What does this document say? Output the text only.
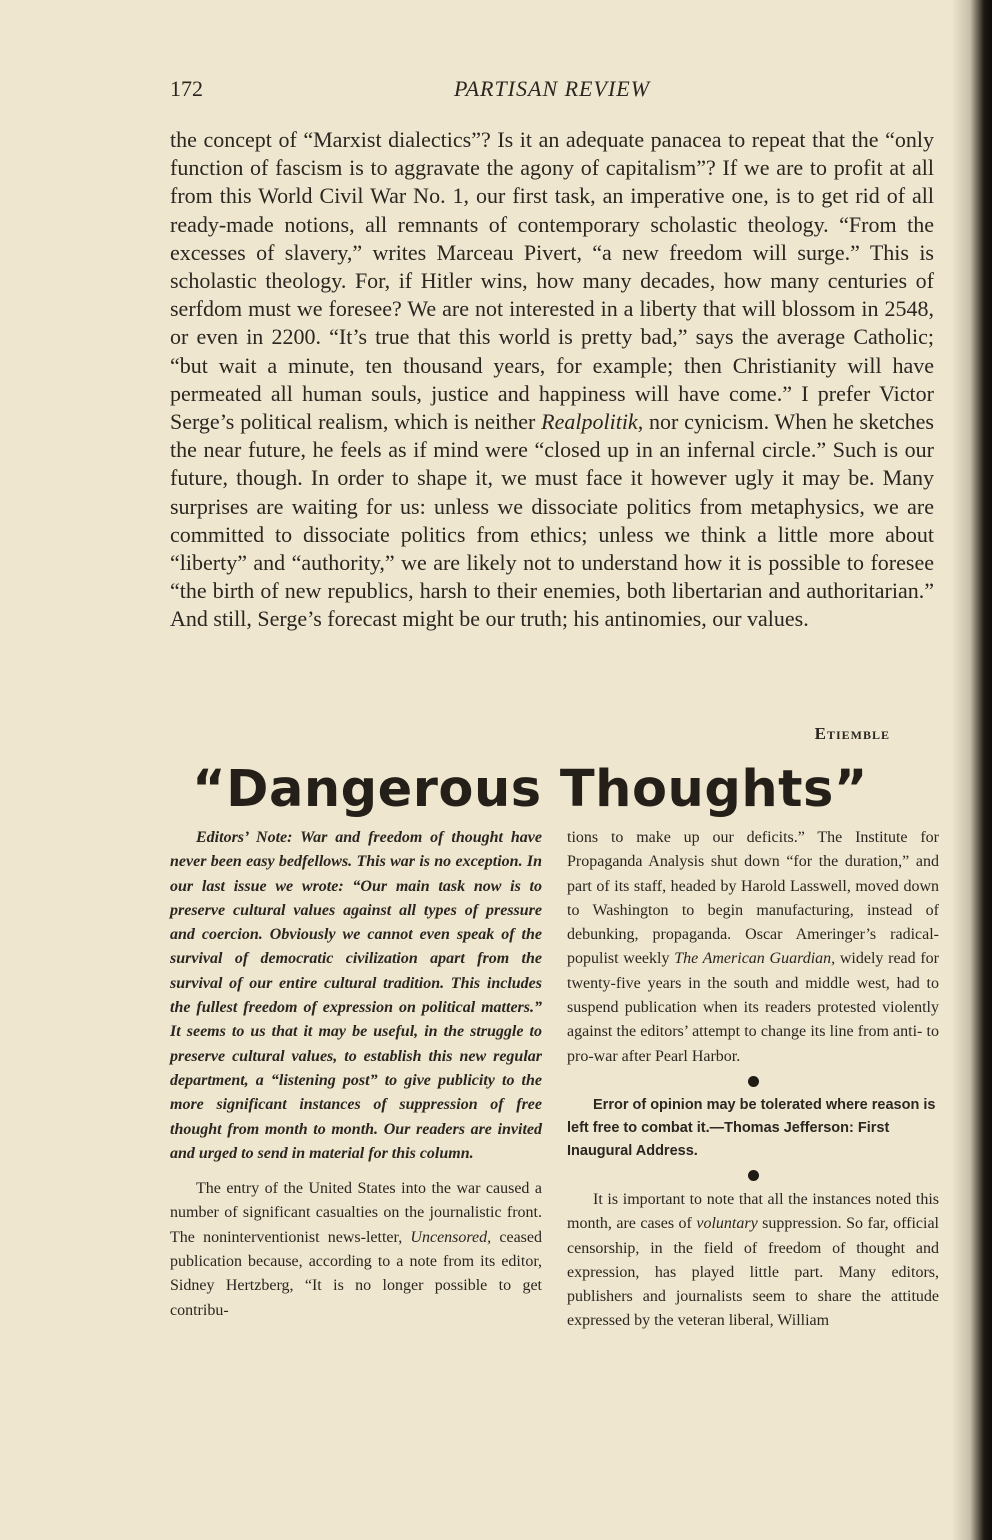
172	PARTISAN REVIEW

the concept of “Marxist dialectics”? Is it an adequate panacea to repeat that the “only function of fascism is to aggravate the agony of capitalism”? If we are to profit at all from this World Civil War No. 1, our first task, an imperative one, is to get rid of all ready-made notions, all remnants of contemporary scholastic theology. “From the excesses of slavery,” writes Marceau Pivert, “a new freedom will surge.” This is scholastic theology. For, if Hitler wins, how many decades, how many centuries of serfdom must we foresee? We are not interested in a liberty that will blossom in 2548, or even in 2200. “It’s true that this world is pretty bad,” says the average Catholic; “but wait a minute, ten thousand years, for example; then Christianity will have permeated all human souls, justice and happiness will have come.” I prefer Victor Serge’s political realism, which is neither Realpolitik, nor cynicism. When he sketches the near future, he feels as if mind were “closed up in an infernal circle.” Such is our future, though. In order to shape it, we must face it however ugly it may be. Many surprises are waiting for us: unless we dissociate politics from metaphysics, we are committed to dissociate politics from ethics; unless we think a little more about “liberty” and “authority,” we are likely not to understand how it is possible to foresee “the birth of new republics, harsh to their enemies, both libertarian and authoritarian.” And still, Serge’s forecast might be our truth; his antinomies, our values.

Etiemble
“Dangerous Thoughts”

Editors’ Note: War and freedom of thought have never been easy bedfellows. This war is no exception. In our last issue we wrote: “Our main task now is to preserve cultural values against all types of pressure and coercion. Obviously we cannot even speak of the survival of democratic civilization apart from the survival of our entire cultural tradition. This includes the fullest freedom of expression on political matters.” It seems to us that it may be useful, in the struggle to preserve cultural values, to establish this new regular department, a “listening post” to give publicity to the more significant instances of suppression of free thought from month to month. Our readers are invited and urged to send in material for this column.

The entry of the United States into the war caused a number of significant casualties on the journalistic front. The noninterventionist news-letter, Uncensored, ceased publication because, according to a note from its editor, Sidney Hertzberg, “It is no longer possible to get contribu-

tions to make up our deficits.” The Institute for Propaganda Analysis shut down “for the duration,” and part of its staff, headed by Harold Lasswell, moved down to Washington to begin manufacturing, instead of debunking, propaganda. Oscar Ameringer’s radical-populist weekly The American Guardian, widely read for twenty-five years in the south and middle west, had to suspend publication when its readers protested violently against the editors’ attempt to change its line from anti- to pro-war after Pearl Harbor.

Error of opinion may be tolerated where reason is left free to combat it.—Thomas Jefferson: First Inaugural Address.

It is important to note that all the instances noted this month, are cases of voluntary suppression. So far, official censorship, in the field of freedom of thought and expression, has played little part. Many editors, publishers and journalists seem to share the attitude expressed by the veteran liberal, William
